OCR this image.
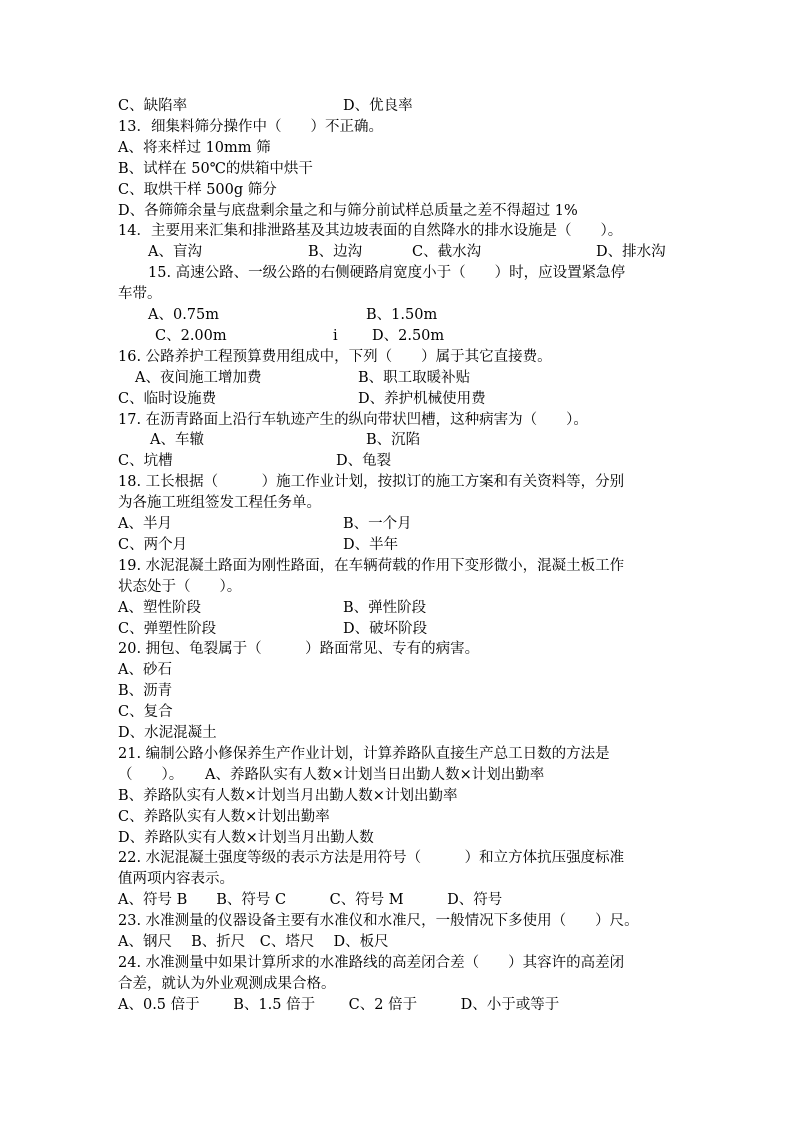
C、缺陷率	D、优良率
13．细集料筛分操作中（　　）不正确。
A、将来样过 10mm 筛
B、试样在 50℃的烘箱中烘干
C、取烘干样 500g 筛分
D、各筛筛余量与底盘剩余量之和与筛分前试样总质量之差不得超过 1%
14．主要用来汇集和排泄路基及其边坡表面的自然降水的排水设施是（　　）。
A、盲沟	B、边沟	C、截水沟	D、排水沟
15. 高速公路、一级公路的右侧硬路肩宽度小于（　　）时，应设置紧急停
车带。
A、0.75m	B、1.50m
C、2.00m	i D、2.50m
16. 公路养护工程预算费用组成中，下列（　　）属于其它直接费。
A、夜间施工增加费	B、职工取暖补贴
C、临时设施费	D、养护机械使用费
17. 在沥青路面上沿行车轨迹产生的纵向带状凹槽，这种病害为（　　）。
A、车辙	B、沉陷
C、坑槽	D、龟裂
18. 工长根据（　　　）施工作业计划，按拟订的施工方案和有关资料等，分别
为各施工班组签发工程任务单。
A、半月	B、一个月
C、两个月	D、半年
19. 水泥混凝土路面为刚性路面，在车辆荷载的作用下变形微小，混凝土板工作
状态处于（　　）。
A、塑性阶段	B、弹性阶段
C、弹塑性阶段	D、破坏阶段
20. 拥包、龟裂属于（　　　）路面常见、专有的病害。
A、砂石
B、沥青
C、复合
D、水泥混凝土
21. 编制公路小修保养生产作业计划，计算养路队直接生产总工日数的方法是
（　　）。　　A、养路队实有人数×计划当日出勤人数×计划出勤率
B、养路队实有人数×计划当月出勤人数×计划出勤率
C、养路队实有人数×计划出勤率
D、养路队实有人数×计划当月出勤人数
22. 水泥混凝土强度等级的表示方法是用符号（　　　）和立方体抗压强度标准
值两项内容表示。
A、符号 B　　B、符号 C　　　C、符号 M　　　D、符号
23. 水准测量的仪器设备主要有水准仪和水准尺，一般情况下多使用（　　）尺。
A、钢尺　 B、折尺　C、塔尺　 D、板尺
24. 水准测量中如果计算所求的水准路线的高差闭合差（　　）其容许的高差闭
合差，就认为外业观测成果合格。
A、0.5 倍于　　 B、1.5 倍于　　 C、2 倍于　　　D、小于或等于
